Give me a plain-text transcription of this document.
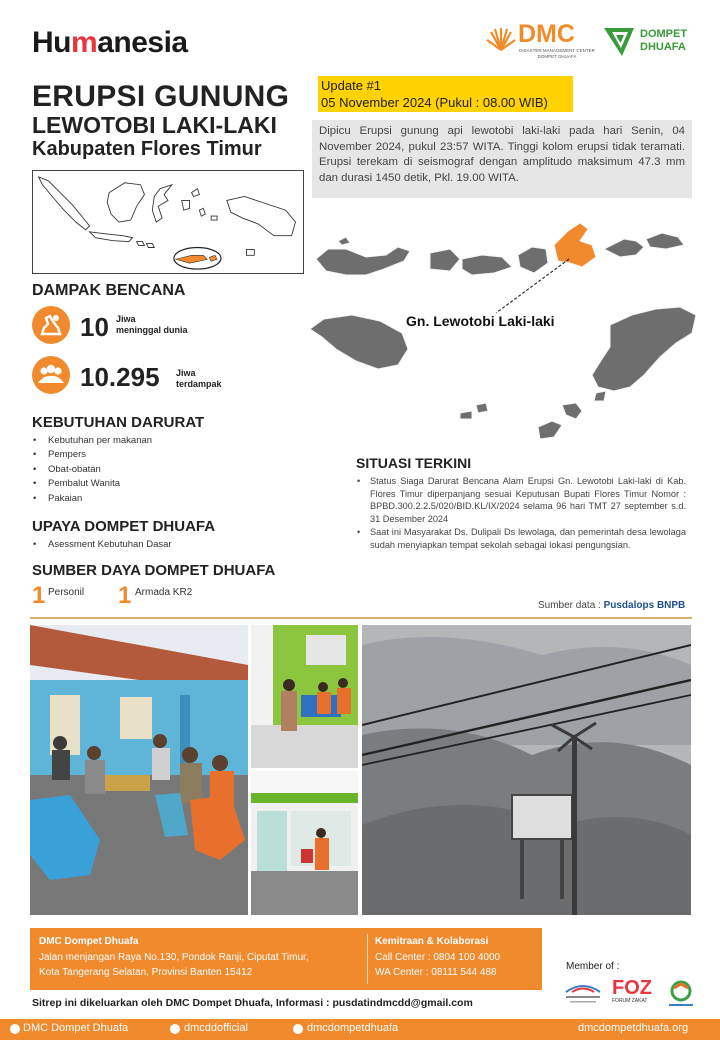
Humanesia	DMC
DISASTER MANAGEMENT CENTER DOMPET DHUAFA
DOMPET
DHUAFA
ERUPSI GUNUNG
LEWOTOBI LAKI-LAKI
Kabupaten Flores Timur
Update #1
05 November 2024 (Pukul : 08.00 WIB)
Dipicu Erupsi gunung api lewotobi laki-laki pada hari Senin, 04 November 2024, pukul 23:57 WITA. Tinggi kolom erupsi tidak teramati. Erupsi terekam di seismograf dengan amplitudo maksimum 47.3 mm dan durasi 1450 detik, Pkl. 19.00 WITA.
Gn. Lewotobi Laki-laki
DAMPAK BENCANA
10 Jiwa
meninggal dunia
10.295 Jiwa
terdampak
KEBUTUHAN DARURAT
• Kebutuhan per makanan
• Pempers
• Obat-obatan
• Pembalut Wanita
• Pakaian
UPAYA DOMPET DHUAFA
• Asessment Kebutuhan Dasar
SUMBER DAYA DOMPET DHUAFA
1 Personil 1 Armada KR2
SITUASI TERKINI
• Status Siaga Darurat Bencana Alam Erupsi Gn. Lewotobi Laki-laki di Kab. Flores Timur diperpanjang sesuai Keputusan Bupati Flores Timur Nomor : BPBD.300.2.2.5/020/BID.KL/IX/2024 selama 96 hari TMT 27 september s.d. 31 Desember 2024
• Saat ini Masyarakat Ds. Dulipali Ds lewolaga, dan pemerintah desa lewolaga sudah menyiapkan tempat sekolah sebagai lokasi pengungsian.
Sumber data : Pusdalops BNPB
DMC Dompet Dhuafa
Jalan menjangan Raya No.130, Pondok Ranji, Ciputat Timur,
Kota Tangerang Selatan, Provinsi Banten 15412
Kemitraan & Kolaborasi
Call Center : 0804 100 4000
WA Center : 08111 544 488
Member of :
FOZ
FORUM ZAKAT
Sitrep ini dikeluarkan oleh DMC Dompet Dhuafa, Informasi : pusdatindmcdd@gmail.com
DMC Dompet Dhuafa	dmcddofficial	dmcdompetdhuafa	dmcdompetdhuafa.org
